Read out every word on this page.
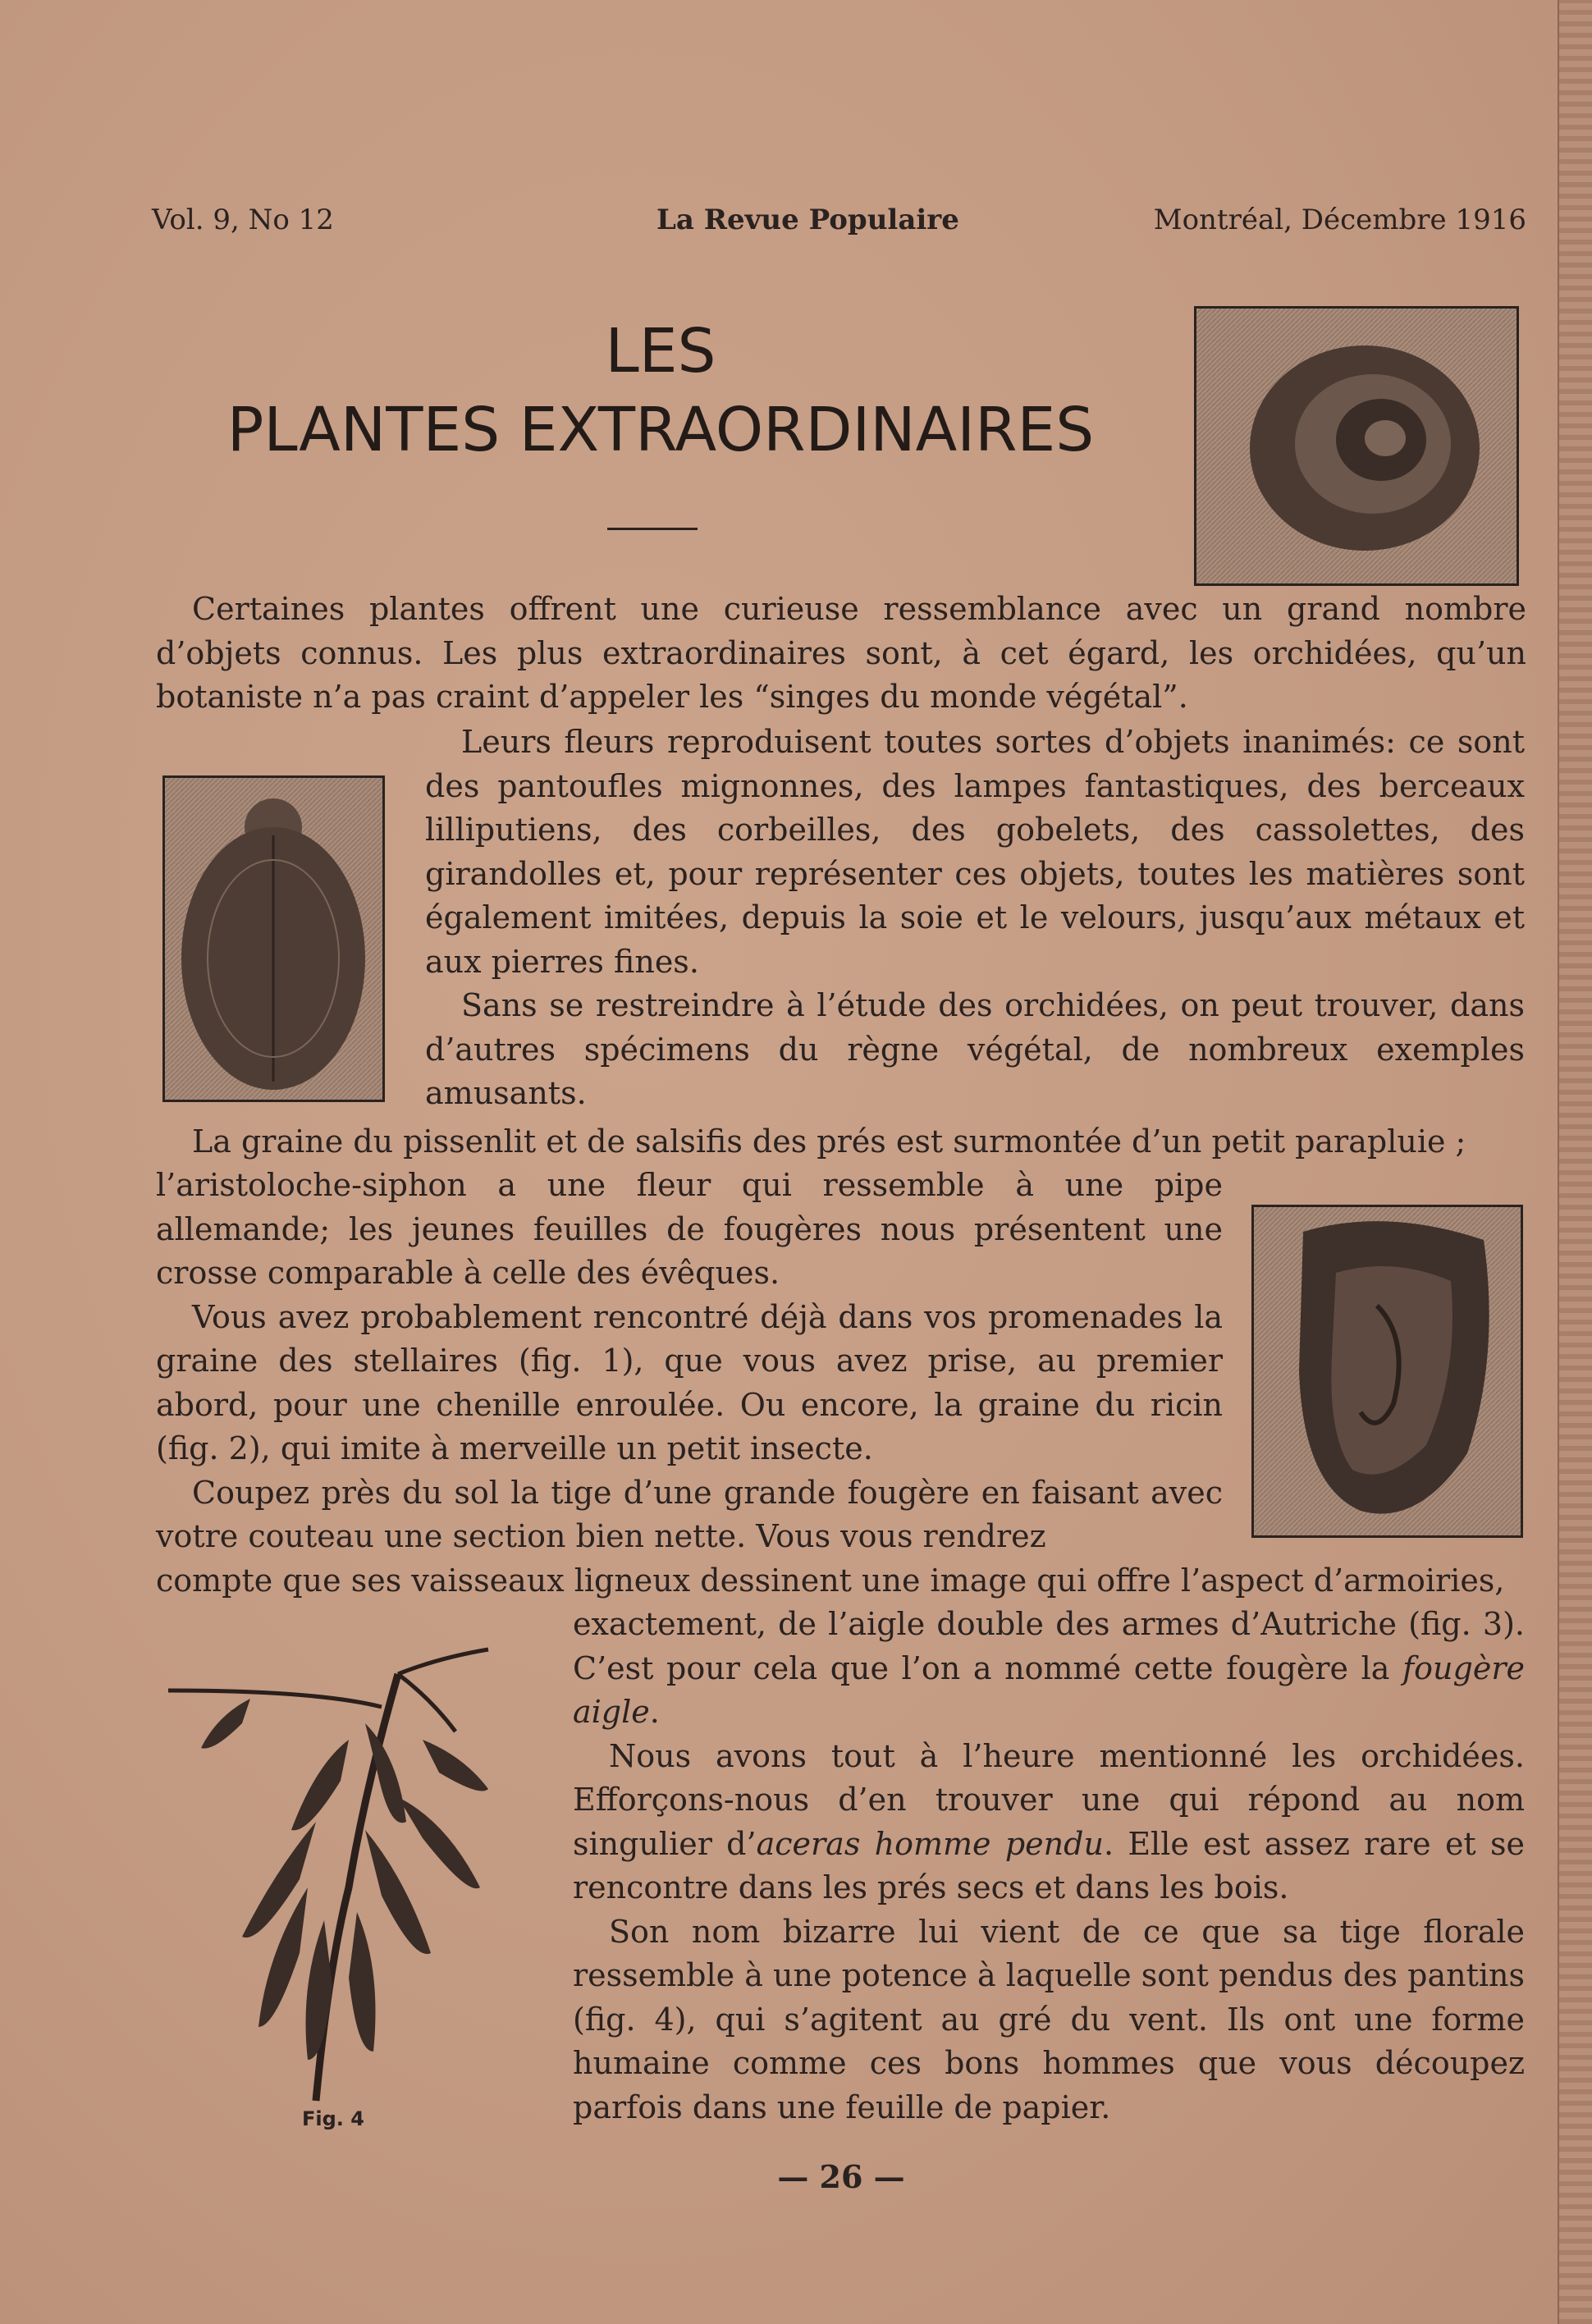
Vol. 9, No 12	La Revue Populaire	Montréal, Décembre 1916
LES
PLANTES EXTRAORDINAIRES
Fig. 4

Certaines plantes offrent une curieuse ressemblance avec un grand nombre d’objets connus. Les plus extraordinaires sont, à cet égard, les orchidées, qu’un botaniste n’a pas craint d’appeler les “singes du monde végétal”.

Leurs fleurs reproduisent toutes sortes d’objets inanimés: ce sont des pantoufles mignonnes, des lampes fantastiques, des berceaux lilliputiens, des corbeilles, des gobelets, des cassolettes, des girandolles et, pour représenter ces objets, toutes les matières sont également imitées, depuis la soie et le velours, jusqu’aux métaux et aux pierres fines.

Sans se restreindre à l’étude des orchidées, on peut trouver, dans d’autres spécimens du règne végétal, de nombreux exemples amusants.

La graine du pissenlit et de salsifis des prés est surmontée d’un petit parapluie ;

l’aristoloche-siphon a une fleur qui ressemble à une pipe allemande; les jeunes feuilles de fougères nous présentent une crosse comparable à celle des évêques.

Vous avez probablement rencontré déjà dans vos promenades la graine des stellaires (fig. 1), que vous avez prise, au premier abord, pour une chenille enroulée. Ou encore, la graine du ricin (fig. 2), qui imite à merveille un petit insecte.

Coupez près du sol la tige d’une grande fougère en faisant avec votre couteau une section bien nette. Vous vous rendrez

compte que ses vaisseaux ligneux dessinent une image qui offre l’aspect d’armoiries,

exactement, de l’aigle double des armes d’Autriche (fig. 3). C’est pour cela que l’on a nommé cette fougère la fougère aigle.

Nous avons tout à l’heure mentionné les orchidées. Efforçons-nous d’en trouver une qui répond au nom singulier d’aceras homme pendu. Elle est assez rare et se rencontre dans les prés secs et dans les bois.

Son nom bizarre lui vient de ce que sa tige florale ressemble à une potence à laquelle sont pendus des pantins (fig. 4), qui s’agitent au gré du vent. Ils ont une forme humaine comme ces bons hommes que vous découpez parfois dans une feuille de papier.

— 26 —
